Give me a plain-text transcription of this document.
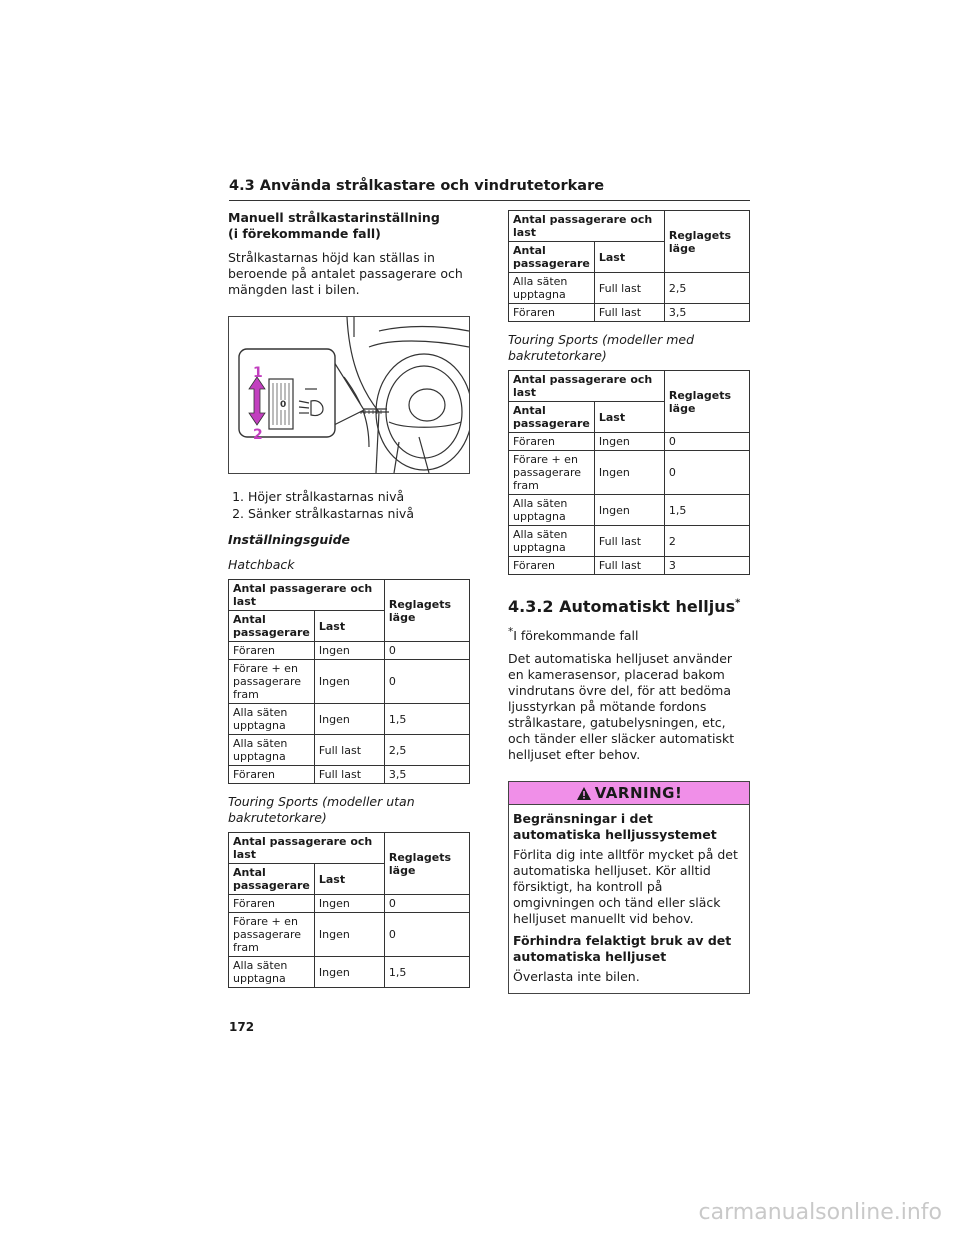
4.3 Använda strålkastare och vindrutetorkare
Manuell strålkastarinställning
(i förekommande fall)

Strålkastarnas höjd kan ställas in beroende på antalet passagerare och mängden last i bilen.

1
2
0
1. Höjer strålkastarnas nivå
2. Sänker strålkastarnas nivå
Inställningsguide
Hatchback
Antal passagerare och last		Reglagets läge
Antal passagerare	Last	
Föraren	Ingen	0
Förare + en passagerare fram	Ingen	0
Alla säten upptagna	Ingen	1,5
Alla säten upptagna	Full last	2,5
Föraren	Full last	3,5
Touring Sports (modeller utan bakrutetorkare)
Antal passagerare och last		Reglagets läge
Antal passagerare	Last	
Föraren	Ingen	0
Förare + en passagerare fram	Ingen	0
Alla säten upptagna	Ingen	1,5
Antal passagerare och last		Reglagets läge
Antal passagerare	Last	
Alla säten upptagna	Full last	2,5
Föraren	Full last	3,5
Touring Sports (modeller med bakrutetorkare)
Antal passagerare och last		Reglagets läge
Antal passagerare	Last	
Föraren	Ingen	0
Förare + en passagerare fram	Ingen	0
Alla säten upptagna	Ingen	1,5
Alla säten upptagna	Full last	2
Föraren	Full last	3
4.3.2 Automatiskt helljus*
*I förekommande fall

Det automatiska helljuset använder en kamerasensor, placerad bakom vindrutans övre del, för att bedöma ljusstyrkan på mötande fordons strålkastare, gatubelysningen, etc, och tänder eller släcker automatiskt helljuset efter behov.

VARNING!
Begränsningar i det automatiska helljussystemet

Förlita dig inte alltför mycket på det automatiska helljuset. Kör alltid försiktigt, ha kontroll på omgivningen och tänd eller släck helljuset manuellt vid behov.

Förhindra felaktigt bruk av det automatiska helljuset

Överlasta inte bilen.

172
carmanualsonline.info
